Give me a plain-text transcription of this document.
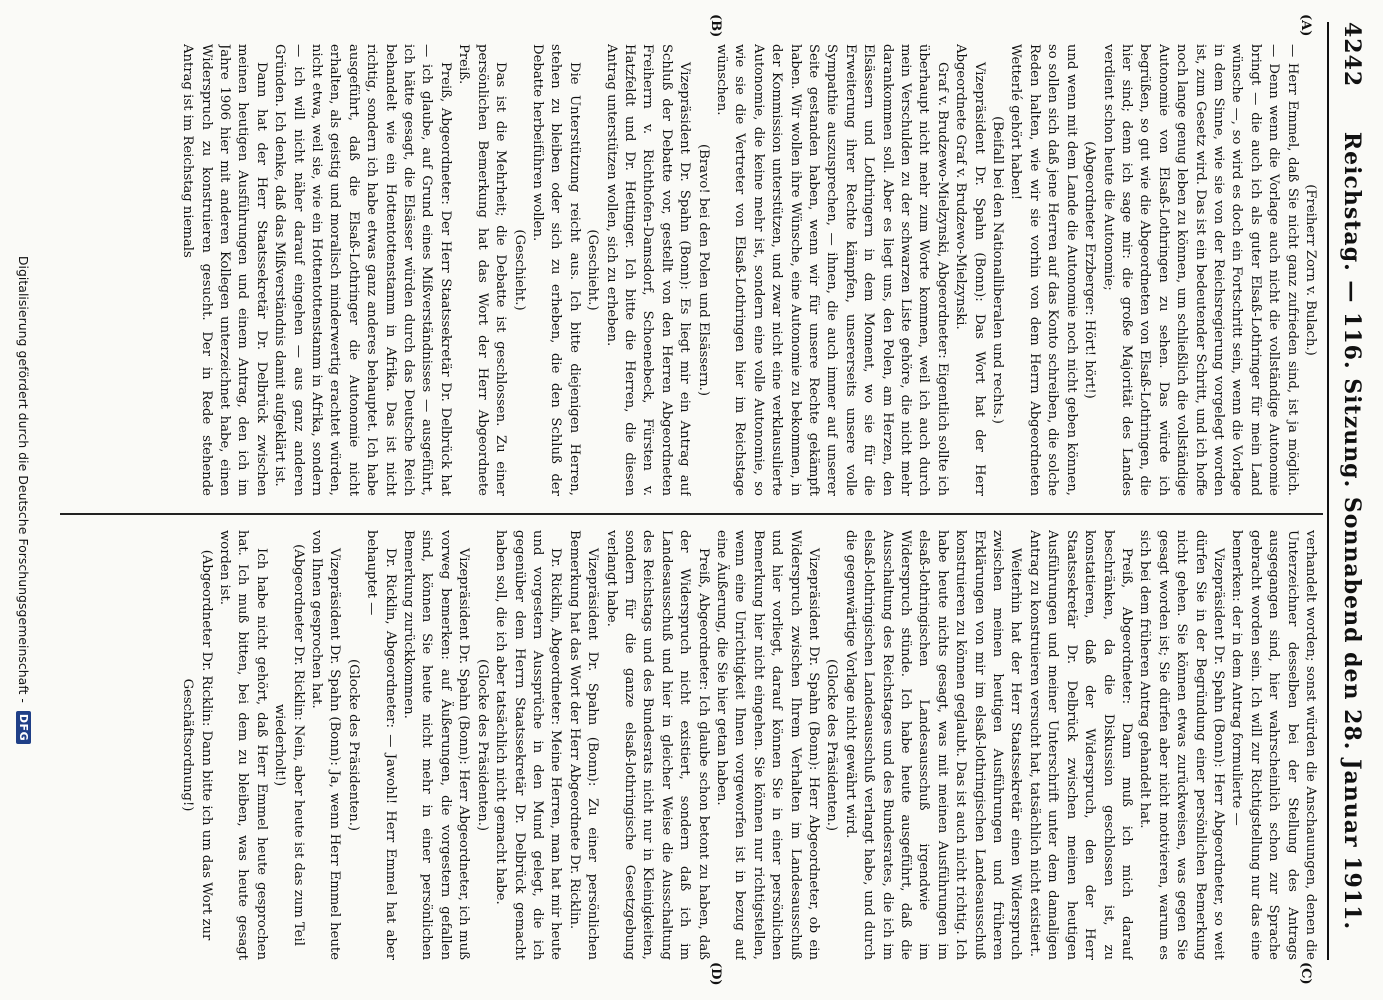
4242
Reichstag. — 116. Sitzung. Sonnabend den 28. Januar 1911.
(A)
(B)
(C)
(D)

(Freiherr Zorn v. Bulach.)

— Herr Emmel, daß Sie nicht ganz zufrieden sind, ist ja möglich. — Denn wenn die Vorlage auch nicht die vollständige Autonomie bringt — die auch ich als guter Elsaß-Lothringer für mein Land wünsche —, so wird es doch ein Fortschritt sein, wenn die Vorlage in dem Sinne, wie sie von der Reichsregierung vorgelegt worden ist, zum Gesetz wird. Das ist ein bedeutender Schritt, und ich hoffe noch lange genug leben zu können, um schließlich die vollständige Autonomie von Elsaß-Lothringen zu sehen. Das würde ich begrüßen, so gut wie die Abgeordneten von Elsaß-Lothringen, die hier sind; denn ich sage mir: die große Majorität des Landes verdient schon heute die Autonomie;

(Abgeordneter Erzberger: Hört! hört!)

und wenn mit dem Lande die Autonomie noch nicht geben können, so sollen sich daß jene Herren auf das Konto schreiben, die solche Reden halten, wie wir sie vorhin von dem Herrn Abgeordneten Wetterlé gehört haben!

(Beifall bei den Nationalliberalen und rechts.)

Vizepräsident Dr. Spahn (Bonn): Das Wort hat der Herr Abgeordnete Graf v. Brudzewo-Mielzynski.

Graf v. Brudzewo-Mielzynski, Abgeordneter: Eigentlich sollte ich überhaupt nicht mehr zum Worte kommen, weil ich auch durch mein Verschulden zu der schwarzen Liste gehöre, die nicht mehr darankommen soll. Aber es liegt uns, den Polen, am Herzen, den Elsässern und Lothringern in dem Moment, wo sie für die Erweiterung ihrer Rechte kämpfen, unsererseits unsere volle Sympathie auszusprechen, — ihnen, die auch immer auf unserer Seite gestanden haben, wenn wir für unsere Rechte gekämpft haben. Wir wollen ihre Wünsche, eine Autonomie zu bekommen, in der Kommission unterstützen, und zwar nicht eine verklausulierte Autonomie, die keine mehr ist, sondern eine volle Autonomie, so wie sie die Vertreter von Elsaß-Lothringen hier im Reichstage wünschen.

(Bravo! bei den Polen und Elsässern.)

Vizepräsident Dr. Spahn (Bonn): Es liegt mir ein Antrag auf Schluß der Debatte vor, gestellt von den Herren Abgeordneten Freiherrn v. Richthofen-Damsdorf, Schoenebeck, Fürsten v. Hatzfeldt und Dr. Hettinger. Ich bitte die Herren, die diesen Antrag unterstützen wollen, sich zu erheben.

(Geschieht.)

Die Unterstützung reicht aus. Ich bitte diejenigen Herren, stehen zu bleiben oder sich zu erheben, die den Schluß der Debatte herbeiführen wollen.

(Geschieht.)

Das ist die Mehrheit; die Debatte ist geschlossen. Zu einer persönlichen Bemerkung hat das Wort der Herr Abgeordnete Preiß.

Preiß, Abgeordneter: Der Herr Staatssekretär Dr. Delbrück hat — ich glaube, auf Grund eines Mißverständnisses — ausgeführt, ich hätte gesagt, die Elsässer würden durch das Deutsche Reich behandelt wie ein Hottentottenstamm in Afrika. Das ist nicht richtig, sondern ich habe etwas ganz anderes behauptet. Ich habe ausgeführt, daß die Elsaß-Lothringer die Autonomie nicht erhalten, als geistig und moralisch minderwertig erachtet würden, nicht etwa, weil sie, wie ein Hottentottenstamm in Afrika, sondern — ich will nicht näher darauf eingehen — aus ganz anderen Gründen. Ich denke, daß das Mißverständnis damit aufgeklärt ist.

Dann hat der Herr Staatssekretär Dr. Delbrück zwischen meinen heutigen Ausführungen und einem Antrag, den ich im Jahre 1906 hier mit anderen Kollegen unterzeichnet habe, einen Widerspruch zu konstruieren gesucht. Der in Rede stehende Antrag ist im Reichstag niemals

verhandelt worden; sonst würden die Anschauungen, denen die Unterzeichner desselben bei der Stellung des Antrags ausgegangen sind, hier wahrscheinlich schon zur Sprache gebracht worden sein. Ich will zur Richtigstellung nur das eine bemerken: der in dem Antrag formulierte —

Vizepräsident Dr. Spahn (Bonn): Herr Abgeordneter, so weit dürfen Sie in der Begründung einer persönlichen Bemerkung nicht gehen. Sie können etwas zurückweisen, was gegen Sie gesagt worden ist; Sie dürfen aber nicht motivieren, warum es sich bei dem früheren Antrag gehandelt hat.

Preiß, Abgeordneter: Dann muß ich mich darauf beschränken, da die Diskussion geschlossen ist, zu konstatieren, daß der Widerspruch, den der Herr Staatssekretär Dr. Delbrück zwischen meinen heutigen Ausführungen und meiner Unterschrift unter dem damaligen Antrag zu konstruieren versucht hat, tatsächlich nicht existiert.

Weiterhin hat der Herr Staatssekretär einen Widerspruch zwischen meinen heutigen Ausführungen und früheren Erklärungen von mir im elsaß-lothringischen Landesausschuß konstruieren zu können geglaubt. Das ist auch nicht richtig. Ich habe heute nichts gesagt, was mit meinen Ausführungen im elsaß-lothringischen Landesausschuß irgendwie im Widerspruch stünde. Ich habe heute ausgeführt, daß die Ausschaltung des Reichstages und des Bundesrates, die ich im elsaß-lothringischen Landesausschuß verlangt habe, und durch die gegenwärtige Vorlage nicht gewährt wird.

(Glocke des Präsidenten.)

Vizepräsident Dr. Spahn (Bonn): Herr Abgeordneter, ob ein Widerspruch zwischen Ihrem Verhalten im Landesausschuß und hier vorliegt, darauf können Sie in einer persönlichen Bemerkung hier nicht eingehen. Sie können nur richtigstellen, wenn eine Unrichtigkeit Ihnen vorgeworfen ist in bezug auf eine Äußerung, die Sie hier getan haben.

Preiß, Abgeordneter: Ich glaube schon betont zu haben, daß der Widerspruch nicht existiert, sondern daß ich im Landesausschuß und hier in gleicher Weise die Ausschaltung des Reichstags und des Bundesrats nicht nur in Kleinigkeiten, sondern für die ganze elsaß-lothringische Gesetzgebung verlangt habe.

Vizepräsident Dr. Spahn (Bonn): Zu einer persönlichen Bemerkung hat das Wort der Herr Abgeordnete Dr. Ricklin.

Dr. Ricklin, Abgeordneter: Meine Herren, man hat mir heute und vorgestern Aussprüche in den Mund gelegt, die ich gegenüber dem Herrn Staatssekretär Dr. Delbrück gemacht haben soll, die ich aber tatsächlich nicht gemacht habe.

(Glocke des Präsidenten.)

Vizepräsident Dr. Spahn (Bonn): Herr Abgeordneter, ich muß vorweg bemerken: auf Äußerungen, die vorgestern gefallen sind, können Sie heute nicht mehr in einer persönlichen Bemerkung zurückkommen.

Dr. Ricklin, Abgeordneter: — Jawohl! Herr Emmel hat aber behauptet —

(Glocke des Präsidenten.)

Vizepräsident Dr. Spahn (Bonn): Ja, wenn Herr Emmel heute von Ihnen gesprochen hat.

(Abgeordneter Dr. Ricklin: Nein, aber heute ist das zum Teil wiederholt!)

Ich habe nicht gehört, daß Herr Emmel heute gesprochen hat. Ich muß bitten, bei dem zu bleiben, was heute gesagt worden ist.

(Abgeordneter Dr. Ricklin: Dann bitte ich um das Wort zur Geschäftsordnung!)

Digitalisierung gefördert durch die Deutsche Forschungsgemeinschaft -
DFG
